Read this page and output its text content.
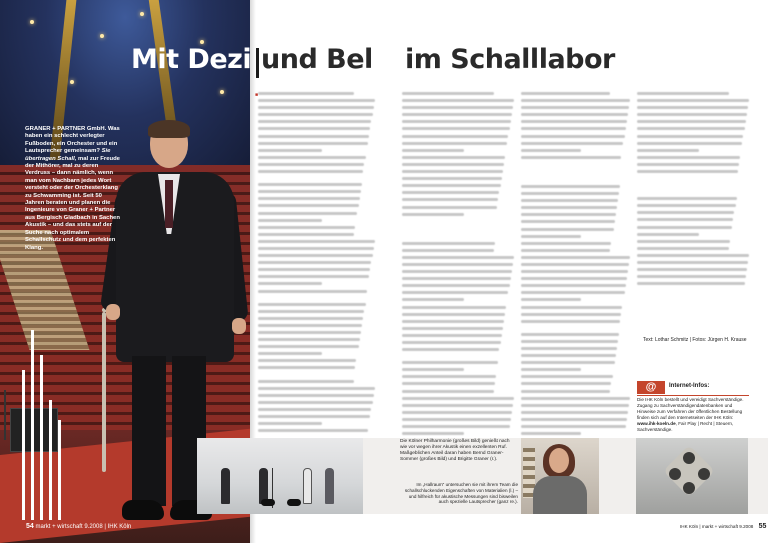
GRANER + PARTNER GmbH. Was haben ein schlecht verlegter Fußboden, ein Orchester und ein Lautsprecher gemeinsam? Sie übertragen Schall, mal zur Freude der Mithörer, mal zu deren Verdruss – dann nämlich, wenn man vom Nachbarn jedes Wort versteht oder der Orchesterklang zu Schwamming ist. Seit 50 Jahren beraten und planen die Ingenieure von Graner + Partner aus Bergisch Gladbach in Sachen Akustik – und das stets auf der Suche nach optimalem Schallschutz und dem perfekten Klang.
54 markt + wirtschaft 9.2008 | IHK Köln
Mit Dezi und Bel im Schalllabor
■
Text: Lothar Schmitz | Fotos: Jürgen H. Krause
@	Internet-Infos:
Die IHK Köln bestellt und vereidigt Sachverständige. Zugang zu Sachverständigendatenbanken und Hinweise zum Verfahren der öffentlichen Bestellung finden sich auf den Internetseiten der IHK Köln: www.ihk-koeln.de, Fair Play | Recht | Steuern, Sachverständige.
Die Kölner Philharmonie (großes Bild) genießt nach wie vor wegen ihrer Akustik einen exzellenten Ruf. Maßgeblichen Anteil daran haben Bernd Graner-Sommer (großes Bild) und Brigitte Graner (r.).
Im „Hallraum" untersuchen sie mit ihrem Team die schallschluckenden Eigenschaften von Materialien (l.) – und hilfreich für akustische Messungen sind bisweilen auch spezielle Lautsprecher (ganz re.).
IHK Köln | markt + wirtschaft 9.2008 55
